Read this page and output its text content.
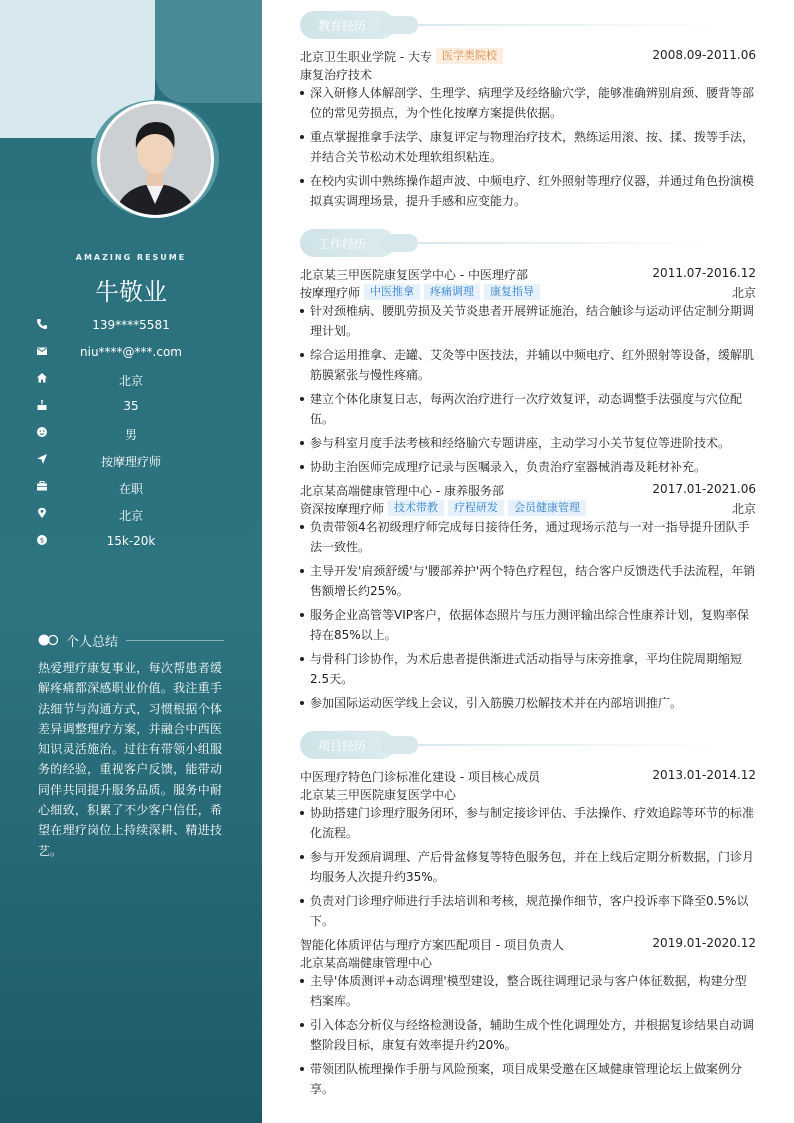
AMAZING RESUME
牛敬业
139****5581
niu****@***.com
北京
35
男
按摩理疗师
在职
北京
$	15k-20k
个人总结
热爱理疗康复事业，每次帮患者缓解疼痛都深感职业价值。我注重手法细节与沟通方式，习惯根据个体差异调整理疗方案，并融合中西医知识灵活施治。过往有带领小组服务的经验，重视客户反馈，能带动同伴共同提升服务品质。服务中耐心细致，积累了不少客户信任，希望在理疗岗位上持续深耕、精进技艺。
教育经历
北京卫生职业学院 - 大专 医学类院校	2008.09-2011.06
康复治疗技术
深入研修人体解剖学、生理学、病理学及经络腧穴学，能够准确辨别肩颈、腰背等部位的常见劳损点，为个性化按摩方案提供依据。
重点掌握推拿手法学、康复评定与物理治疗技术，熟练运用滚、按、揉、拨等手法，并结合关节松动术处理软组织粘连。
在校内实训中熟练操作超声波、中频电疗、红外照射等理疗仪器，并通过角色扮演模拟真实调理场景，提升手感和应变能力。
工作经历
北京某三甲医院康复医学中心 - 中医理疗部	2011.07-2016.12
按摩理疗师 中医推拿 疼痛调理 康复指导	北京
针对颈椎病、腰肌劳损及关节炎患者开展辨证施治，结合触诊与运动评估定制分期调理计划。
综合运用推拿、走罐、艾灸等中医技法，并辅以中频电疗、红外照射等设备，缓解肌筋膜紧张与慢性疼痛。
建立个体化康复日志，每两次治疗进行一次疗效复评，动态调整手法强度与穴位配伍。
参与科室月度手法考核和经络腧穴专题讲座，主动学习小关节复位等进阶技术。
协助主治医师完成理疗记录与医嘱录入，负责治疗室器械消毒及耗材补充。
北京某高端健康管理中心 - 康养服务部	2017.01-2021.06
资深按摩理疗师 技术带教 疗程研发 会员健康管理	北京
负责带领4名初级理疗师完成每日接待任务，通过现场示范与一对一指导提升团队手法一致性。
主导开发'肩颈舒缓'与'腰部养护'两个特色疗程包，结合客户反馈迭代手法流程，年销售额增长约25%。
服务企业高管等VIP客户，依据体态照片与压力测评输出综合性康养计划，复购率保持在85%以上。
与骨科门诊协作，为术后患者提供渐进式活动指导与床旁推拿，平均住院周期缩短2.5天。
参加国际运动医学线上会议，引入筋膜刀松解技术并在内部培训推广。
项目经历
中医理疗特色门诊标准化建设 - 项目核心成员	2013.01-2014.12
北京某三甲医院康复医学中心
协助搭建门诊理疗服务闭环，参与制定接诊评估、手法操作、疗效追踪等环节的标准化流程。
参与开发颈肩调理、产后骨盆修复等特色服务包，并在上线后定期分析数据，门诊月均服务人次提升约35%。
负责对门诊理疗师进行手法培训和考核，规范操作细节，客户投诉率下降至0.5%以下。
智能化体质评估与理疗方案匹配项目 - 项目负责人	2019.01-2020.12
北京某高端健康管理中心
主导'体质测评+动态调理'模型建设，整合既往调理记录与客户体征数据，构建分型档案库。
引入体态分析仪与经络检测设备，辅助生成个性化调理处方，并根据复诊结果自动调整阶段目标，康复有效率提升约20%。
带领团队梳理操作手册与风险预案，项目成果受邀在区域健康管理论坛上做案例分享。
